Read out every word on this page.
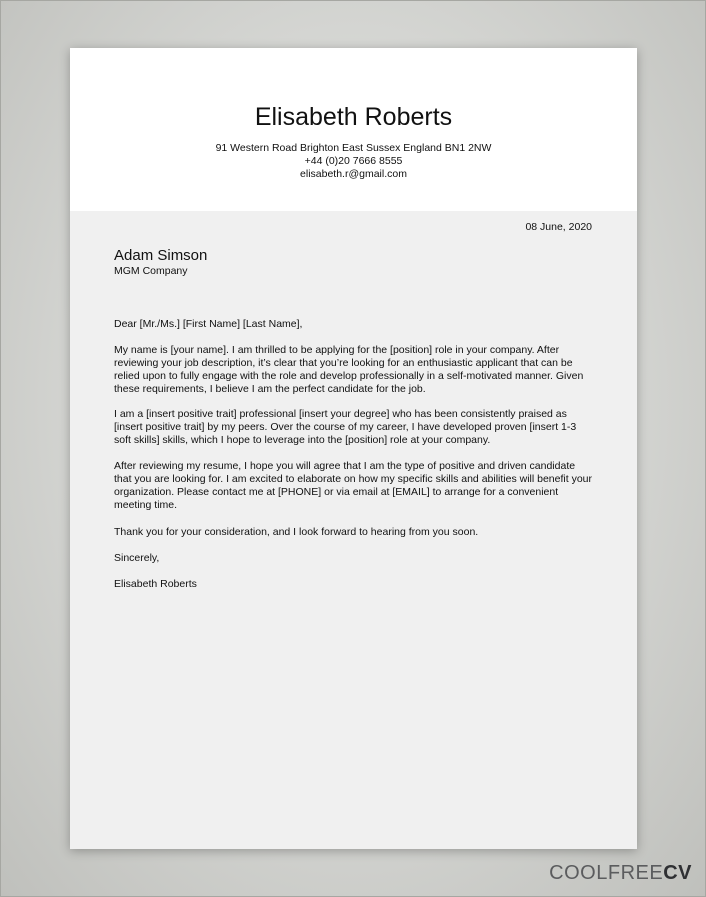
Elisabeth Roberts
91 Western Road Brighton East Sussex England BN1 2NW
+44 (0)20 7666 8555
elisabeth.r@gmail.com
08 June, 2020
Adam Simson
MGM Company
Dear [Mr./Ms.] [First Name] [Last Name],
My name is [your name]. I am thrilled to be applying for the [position] role in your company. After reviewing your job description, it’s clear that you’re looking for an enthusiastic applicant that can be relied upon to fully engage with the role and develop professionally in a self-motivated manner. Given these requirements, I believe I am the perfect candidate for the job.
I am a [insert positive trait] professional [insert your degree] who has been consistently praised as [insert positive trait] by my peers. Over the course of my career, I have developed proven [insert 1-3 soft skills] skills, which I hope to leverage into the [position] role at your company.
After reviewing my resume, I hope you will agree that I am the type of positive and driven candidate that you are looking for. I am excited to elaborate on how my specific skills and abilities will benefit your organization. Please contact me at [PHONE] or via email at [EMAIL] to arrange for a convenient meeting time.
Thank you for your consideration, and I look forward to hearing from you soon.
Sincerely,
Elisabeth Roberts
COOLFREECV
